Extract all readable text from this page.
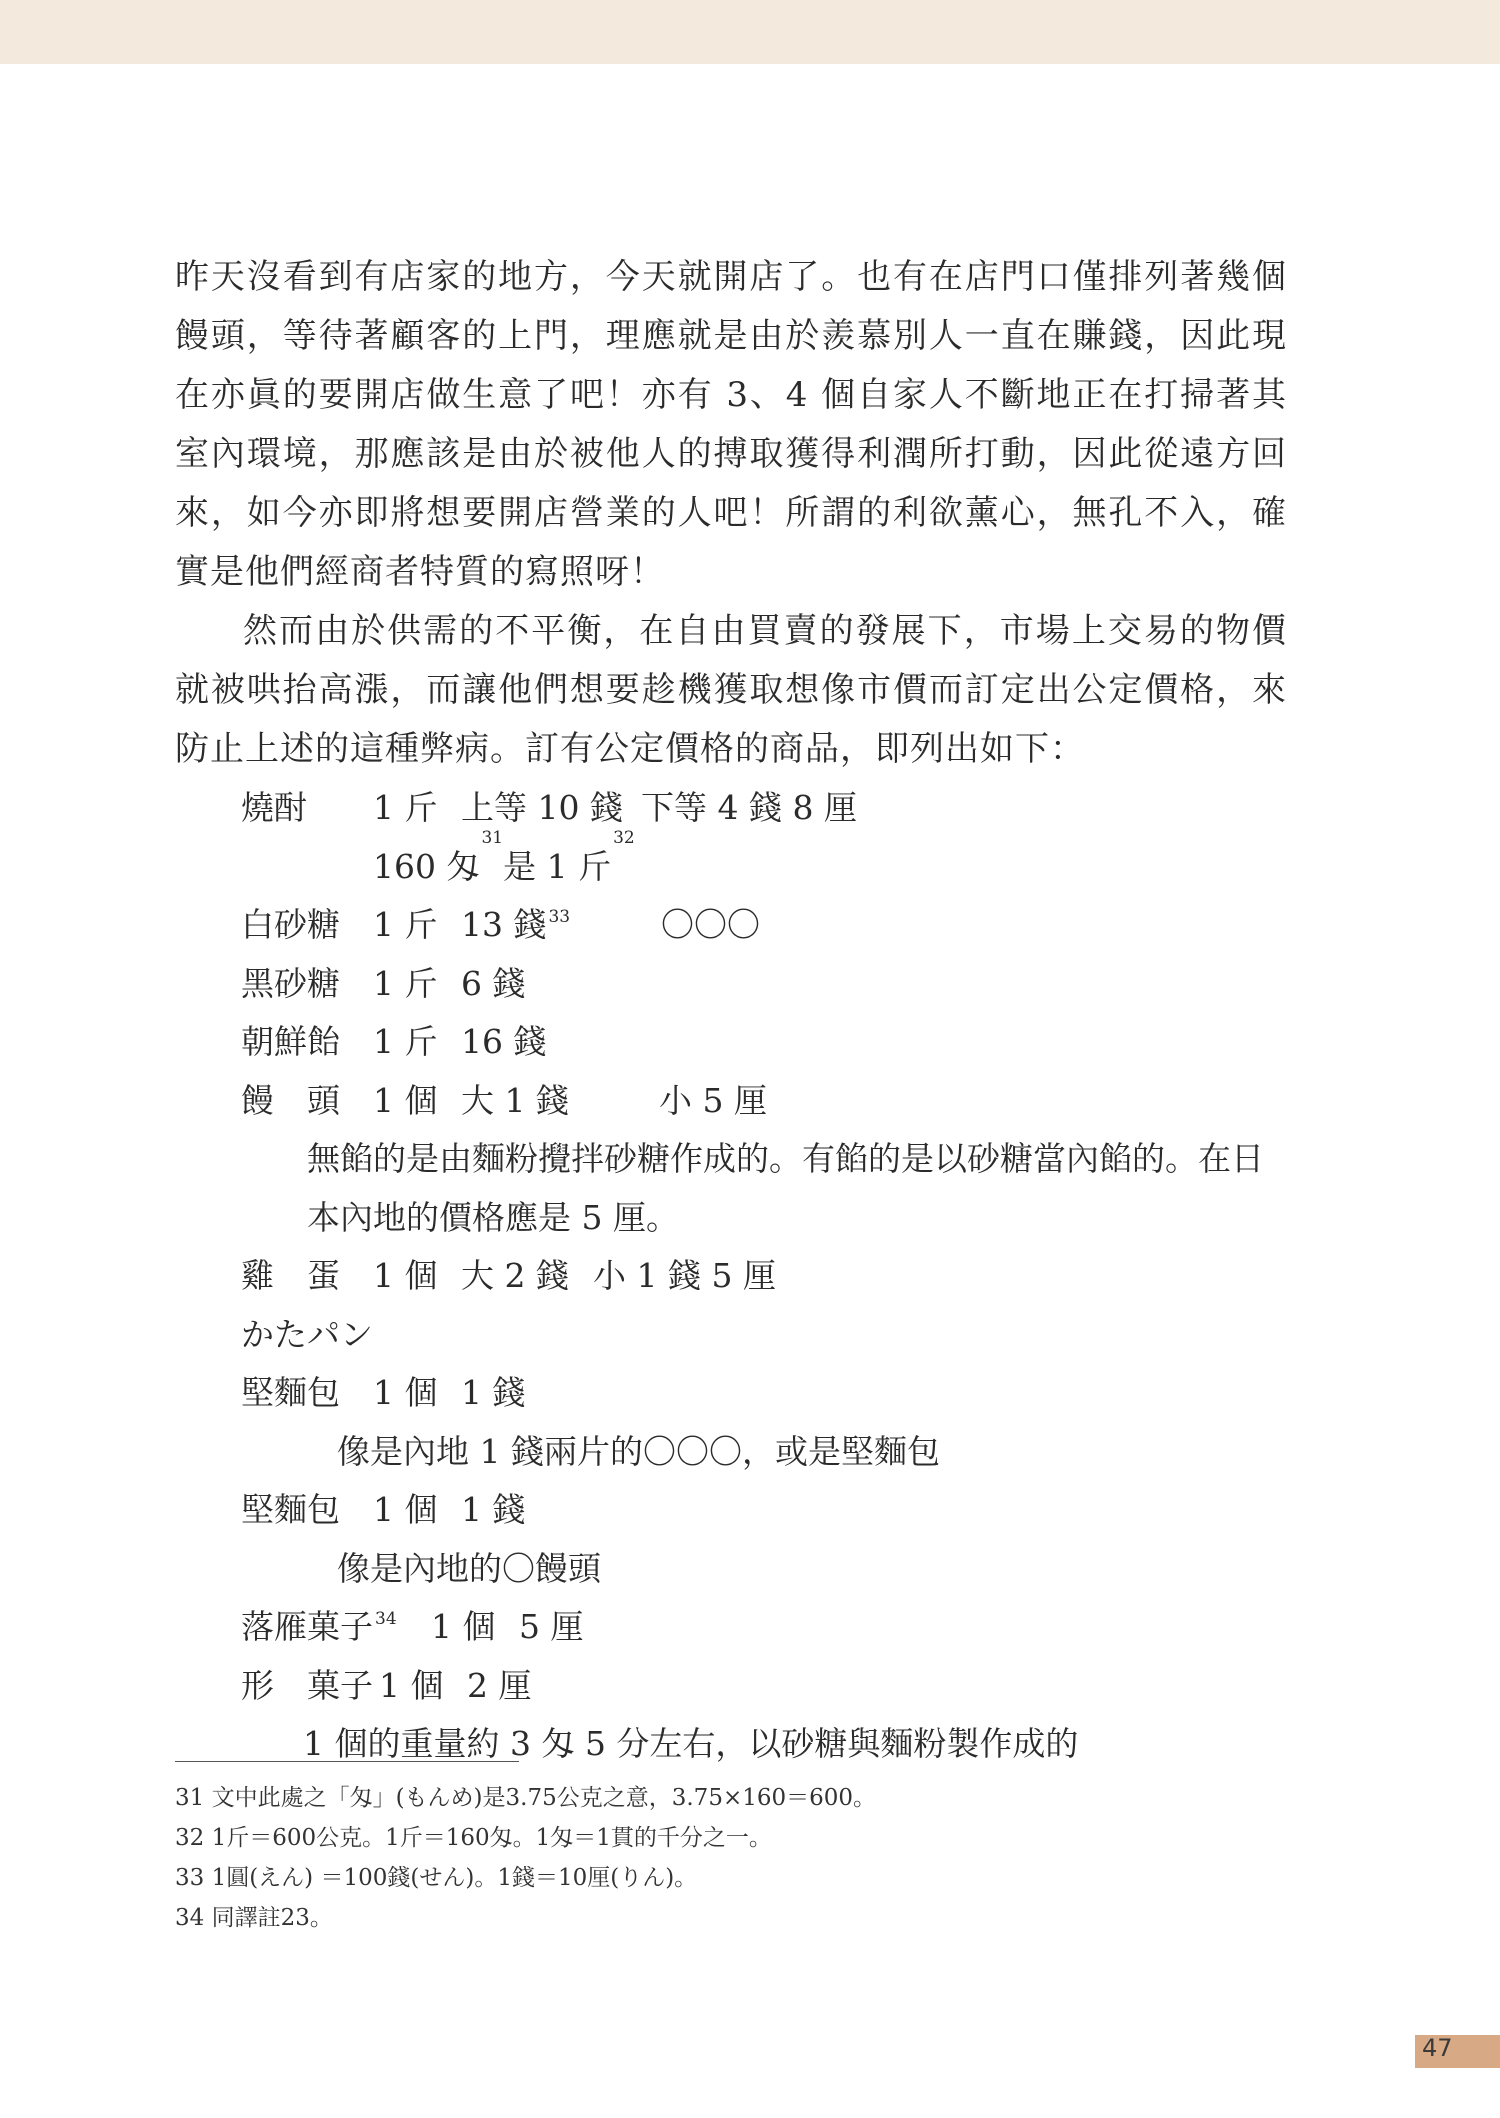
昨天沒看到有店家的地方，今天就開店了。也有在店門口僅排列著幾個饅頭，等待著顧客的上門，理應就是由於羨慕別人一直在賺錢，因此現在亦眞的要開店做生意了吧！亦有 3、4 個自家人不斷地正在打掃著其室內環境，那應該是由於被他人的搏取獲得利潤所打動，因此從遠方回來，如今亦即將想要開店營業的人吧！所謂的利欲薰心，無孔不入，確實是他們經商者特質的寫照呀！

然而由於供需的不平衡，在自由買賣的發展下，市場上交易的物價就被哄抬高漲，而讓他們想要趁機獲取想像市價而訂定出公定價格，來防止上述的這種弊病。訂有公定價格的商品，即列出如下：

燒酎	1 斤 上等 10 錢 下等 4 錢 8 厘
160 匁
31
是 1 斤
32
白砂糖	1 斤 13 錢 $^{33}$	〇〇〇
黑砂糖	1 斤 6 錢
朝鮮飴	1 斤 16 錢
饅　頭	1 個 大 1 錢	小 5 厘
無餡的是由麵粉攪拌砂糖作成的。有餡的是以砂糖當內餡的。在日本內地的價格應是 5 厘。
雞　蛋	1 個 大 2 錢 小 1 錢 5 厘
かたパン
堅麵包	1 個 1 錢
像是內地 1 錢兩片的〇〇〇，或是堅麵包
堅麵包	1 個 1 錢
像是內地的〇饅頭
落雁菓子 $^{34}$	1 個 5 厘
形　菓子 1 個 2 厘
1 個的重量約 3 匁 5 分左右，以砂糖與麵粉製作成的
31 文中此處之「匁」(もんめ)是3.75公克之意，3.75×160＝600。
32 1斤＝600公克。1斤＝160匁。1匁＝1貫的千分之一。
33 1圓(えん) ＝100錢(せん)。1錢＝10厘(りん)。
34 同譯註23。
47
